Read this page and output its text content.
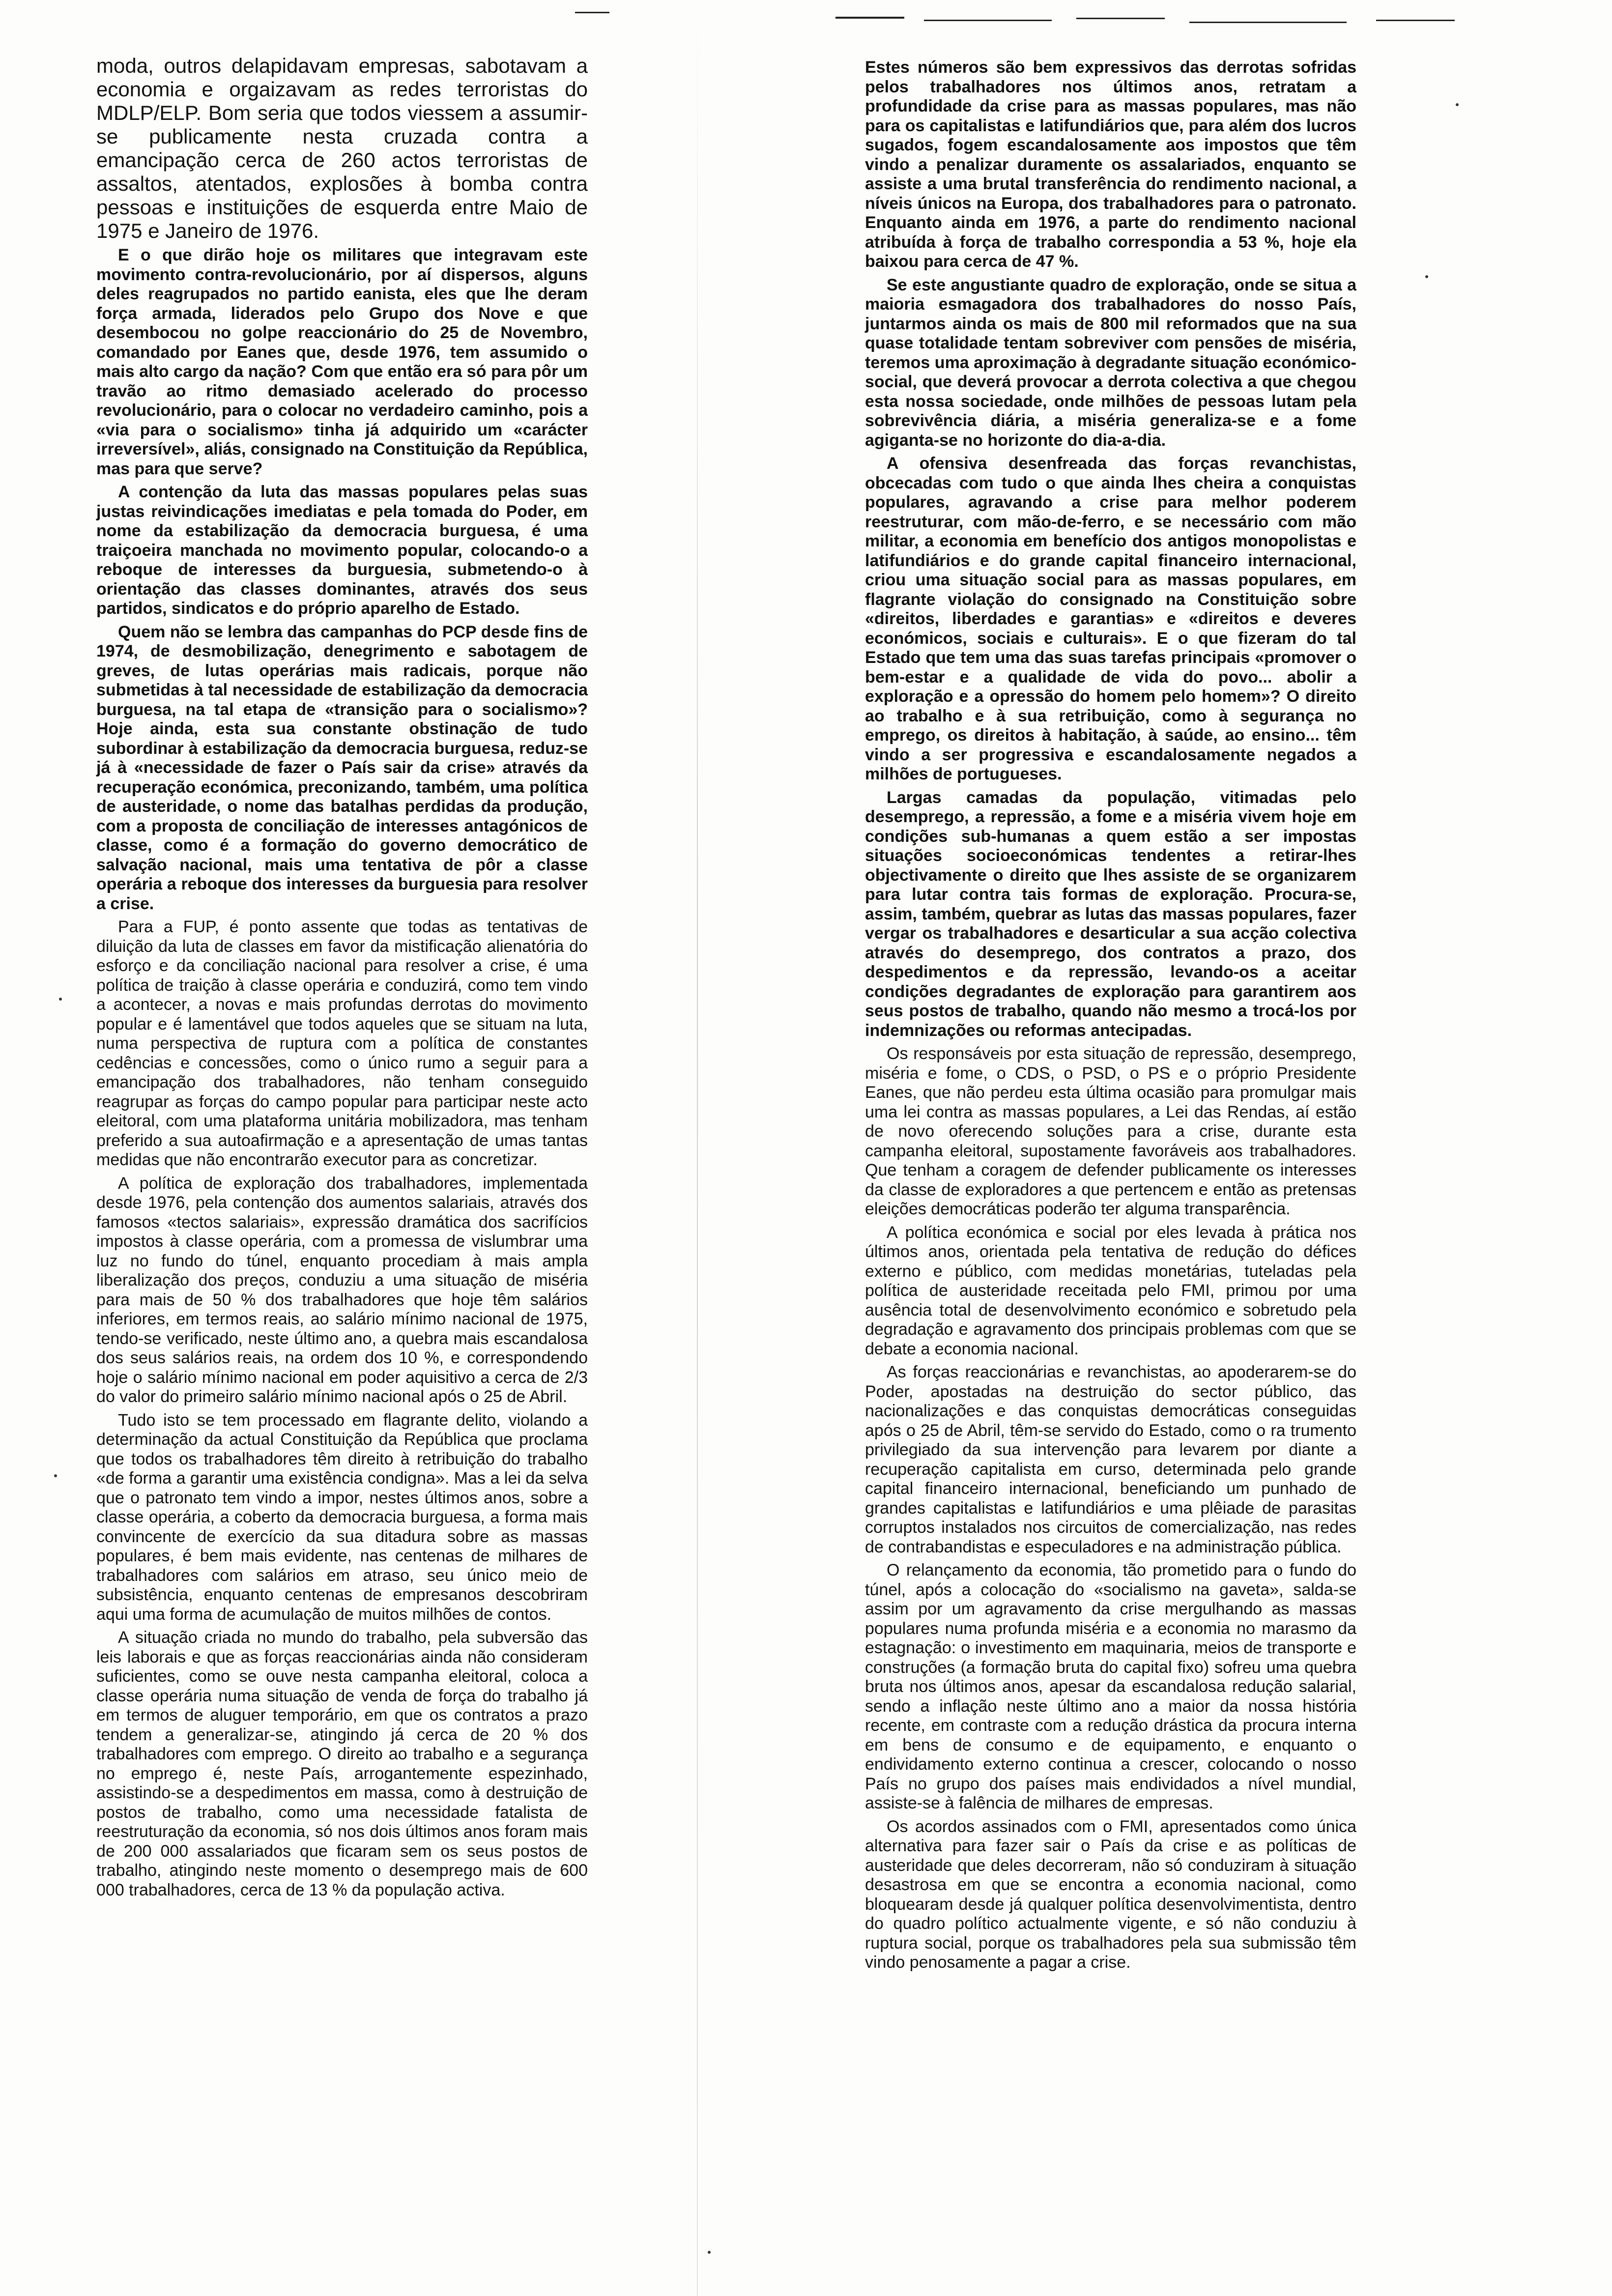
moda, outros delapidavam empresas, sabotavam a economia e orgaizavam as redes terroristas do MDLP/ELP. Bom seria que todos viessem a assumir-se publicamente nesta cruzada contra a emancipação cerca de 260 actos terroristas de assaltos, atentados, explosões à bomba contra pessoas e instituições de esquerda entre Maio de 1975 e Janeiro de 1976.

E o que dirão hoje os militares que integravam este movimento contra-revolucionário, por aí dispersos, alguns deles reagrupados no partido eanista, eles que lhe deram força armada, liderados pelo Grupo dos Nove e que desembocou no golpe reaccionário do 25 de Novembro, comandado por Eanes que, desde 1976, tem assumido o mais alto cargo da nação? Com que então era só para pôr um travão ao ritmo demasiado acelerado do processo revolucionário, para o colocar no verdadeiro caminho, pois a «via para o socialismo» tinha já adquirido um «carácter irreversível», aliás, consignado na Constituição da República, mas para que serve?

A contenção da luta das massas populares pelas suas justas reivindicações imediatas e pela tomada do Poder, em nome da estabilização da democracia burguesa, é uma traiçoeira manchada no movimento popular, colocando-o a reboque de interesses da burguesia, submetendo-o à orientação das classes dominantes, através dos seus partidos, sindicatos e do próprio aparelho de Estado.

Quem não se lembra das campanhas do PCP desde fins de 1974, de desmobilização, denegrimento e sabotagem de greves, de lutas operárias mais radicais, porque não submetidas à tal necessidade de estabilização da democracia burguesa, na tal etapa de «transição para o socialismo»? Hoje ainda, esta sua constante obstinação de tudo subordinar à estabilização da democracia burguesa, reduz-se já à «necessidade de fazer o País sair da crise» através da recuperação económica, preconizando, também, uma política de austeridade, o nome das batalhas perdidas da produção, com a proposta de conciliação de interesses antagónicos de classe, como é a formação do governo democrático de salvação nacional, mais uma tentativa de pôr a classe operária a reboque dos interesses da burguesia para resolver a crise.

Para a FUP, é ponto assente que todas as tentativas de diluição da luta de classes em favor da mistificação alienatória do esforço e da conciliação nacional para resolver a crise, é uma política de traição à classe operária e conduzirá, como tem vindo a acontecer, a novas e mais profundas derrotas do movimento popular e é lamentável que todos aqueles que se situam na luta, numa perspectiva de ruptura com a política de constantes cedências e concessões, como o único rumo a seguir para a emancipação dos trabalhadores, não tenham conseguido reagrupar as forças do campo popular para participar neste acto eleitoral, com uma plataforma unitária mobilizadora, mas tenham preferido a sua autoafirmação e a apresentação de umas tantas medidas que não encontrarão executor para as concretizar.

A política de exploração dos trabalhadores, implementada desde 1976, pela contenção dos aumentos salariais, através dos famosos «tectos salariais», expressão dramática dos sacrifícios impostos à classe operária, com a promessa de vislumbrar uma luz no fundo do túnel, enquanto procediam à mais ampla liberalização dos preços, conduziu a uma situação de miséria para mais de 50 % dos trabalhadores que hoje têm salários inferiores, em termos reais, ao salário mínimo nacional de 1975, tendo-se verificado, neste último ano, a quebra mais escandalosa dos seus salários reais, na ordem dos 10 %, e correspondendo hoje o salário mínimo nacional em poder aquisitivo a cerca de 2/3 do valor do primeiro salário mínimo nacional após o 25 de Abril.

Tudo isto se tem processado em flagrante delito, violando a determinação da actual Constituição da República que proclama que todos os trabalhadores têm direito à retribuição do trabalho «de forma a garantir uma existência condigna». Mas a lei da selva que o patronato tem vindo a impor, nestes últimos anos, sobre a classe operária, a coberto da democracia burguesa, a forma mais convincente de exercício da sua ditadura sobre as massas populares, é bem mais evidente, nas centenas de milhares de trabalhadores com salários em atraso, seu único meio de subsistência, enquanto centenas de empresanos descobriram aqui uma forma de acumulação de muitos milhões de contos.

A situação criada no mundo do trabalho, pela subversão das leis laborais e que as forças reaccionárias ainda não consideram suficientes, como se ouve nesta campanha eleitoral, coloca a classe operária numa situação de venda de força do trabalho já em termos de aluguer temporário, em que os contratos a prazo tendem a generalizar-se, atingindo já cerca de 20 % dos trabalhadores com emprego. O direito ao trabalho e a segurança no emprego é, neste País, arrogantemente espezinhado, assistindo-se a despedimentos em massa, como à destruição de postos de trabalho, como uma necessidade fatalista de reestruturação da economia, só nos dois últimos anos foram mais de 200 000 assalariados que ficaram sem os seus postos de trabalho, atingindo neste momento o desemprego mais de 600 000 trabalhadores, cerca de 13 % da população activa.

Estes números são bem expressivos das derrotas sofridas pelos trabalhadores nos últimos anos, retratam a profundidade da crise para as massas populares, mas não para os capitalistas e latifundiários que, para além dos lucros sugados, fogem escandalosamente aos impostos que têm vindo a penalizar duramente os assalariados, enquanto se assiste a uma brutal transferência do rendimento nacional, a níveis únicos na Europa, dos trabalhadores para o patronato. Enquanto ainda em 1976, a parte do rendimento nacional atribuída à força de trabalho correspondia a 53 %, hoje ela baixou para cerca de 47 %.

Se este angustiante quadro de exploração, onde se situa a maioria esmagadora dos trabalhadores do nosso País, juntarmos ainda os mais de 800 mil reformados que na sua quase totalidade tentam sobreviver com pensões de miséria, teremos uma aproximação à degradante situação económico-social, que deverá provocar a derrota colectiva a que chegou esta nossa sociedade, onde milhões de pessoas lutam pela sobrevivência diária, a miséria generaliza-se e a fome agiganta-se no horizonte do dia-a-dia.

A ofensiva desenfreada das forças revanchistas, obcecadas com tudo o que ainda lhes cheira a conquistas populares, agravando a crise para melhor poderem reestruturar, com mão-de-ferro, e se necessário com mão militar, a economia em benefício dos antigos monopolistas e latifundiários e do grande capital financeiro internacional, criou uma situação social para as massas populares, em flagrante violação do consignado na Constituição sobre «direitos, liberdades e garantias» e «direitos e deveres económicos, sociais e culturais». E o que fizeram do tal Estado que tem uma das suas tarefas principais «promover o bem-estar e a qualidade de vida do povo... abolir a exploração e a opressão do homem pelo homem»? O direito ao trabalho e à sua retribuição, como à segurança no emprego, os direitos à habitação, à saúde, ao ensino... têm vindo a ser progressiva e escandalosamente negados a milhões de portugueses.

Largas camadas da população, vitimadas pelo desemprego, a repressão, a fome e a miséria vivem hoje em condições sub-humanas a quem estão a ser impostas situações socioeconómicas tendentes a retirar-lhes objectivamente o direito que lhes assiste de se organizarem para lutar contra tais formas de exploração. Procura-se, assim, também, quebrar as lutas das massas populares, fazer vergar os trabalhadores e desarticular a sua acção colectiva através do desemprego, dos contratos a prazo, dos despedimentos e da repressão, levando-os a aceitar condições degradantes de exploração para garantirem aos seus postos de trabalho, quando não mesmo a trocá-los por indemnizações ou reformas antecipadas.

Os responsáveis por esta situação de repressão, desemprego, miséria e fome, o CDS, o PSD, o PS e o próprio Presidente Eanes, que não perdeu esta última ocasião para promulgar mais uma lei contra as massas populares, a Lei das Rendas, aí estão de novo oferecendo soluções para a crise, durante esta campanha eleitoral, supostamente favoráveis aos trabalhadores. Que tenham a coragem de defender publicamente os interesses da classe de exploradores a que pertencem e então as pretensas eleições democráticas poderão ter alguma transparência.

A política económica e social por eles levada à prática nos últimos anos, orientada pela tentativa de redução do défices externo e público, com medidas monetárias, tuteladas pela política de austeridade receitada pelo FMI, primou por uma ausência total de desenvolvimento económico e sobretudo pela degradação e agravamento dos principais problemas com que se debate a economia nacional.

As forças reaccionárias e revanchistas, ao apoderarem-se do Poder, apostadas na destruição do sector público, das nacionalizações e das conquistas democráticas conseguidas após o 25 de Abril, têm-se servido do Estado, como o ra trumento privilegiado da sua intervenção para levarem por diante a recuperação capitalista em curso, determinada pelo grande capital financeiro internacional, beneficiando um punhado de grandes capitalistas e latifundiários e uma plêiade de parasitas corruptos instalados nos circuitos de comercialização, nas redes de contrabandistas e especuladores e na administração pública.

O relançamento da economia, tão prometido para o fundo do túnel, após a colocação do «socialismo na gaveta», salda-se assim por um agravamento da crise mergulhando as massas populares numa profunda miséria e a economia no marasmo da estagnação: o investimento em maquinaria, meios de transporte e construções (a formação bruta do capital fixo) sofreu uma quebra bruta nos últimos anos, apesar da escandalosa redução salarial, sendo a inflação neste último ano a maior da nossa história recente, em contraste com a redução drástica da procura interna em bens de consumo e de equipamento, e enquanto o endividamento externo continua a crescer, colocando o nosso País no grupo dos países mais endividados a nível mundial, assiste-se à falência de milhares de empresas.

Os acordos assinados com o FMI, apresentados como única alternativa para fazer sair o País da crise e as políticas de austeridade que deles decorreram, não só conduziram à situação desastrosa em que se encontra a economia nacional, como bloquearam desde já qualquer política desenvolvimentista, dentro do quadro político actualmente vigente, e só não conduziu à ruptura social, porque os trabalhadores pela sua submissão têm vindo penosamente a pagar a crise.
